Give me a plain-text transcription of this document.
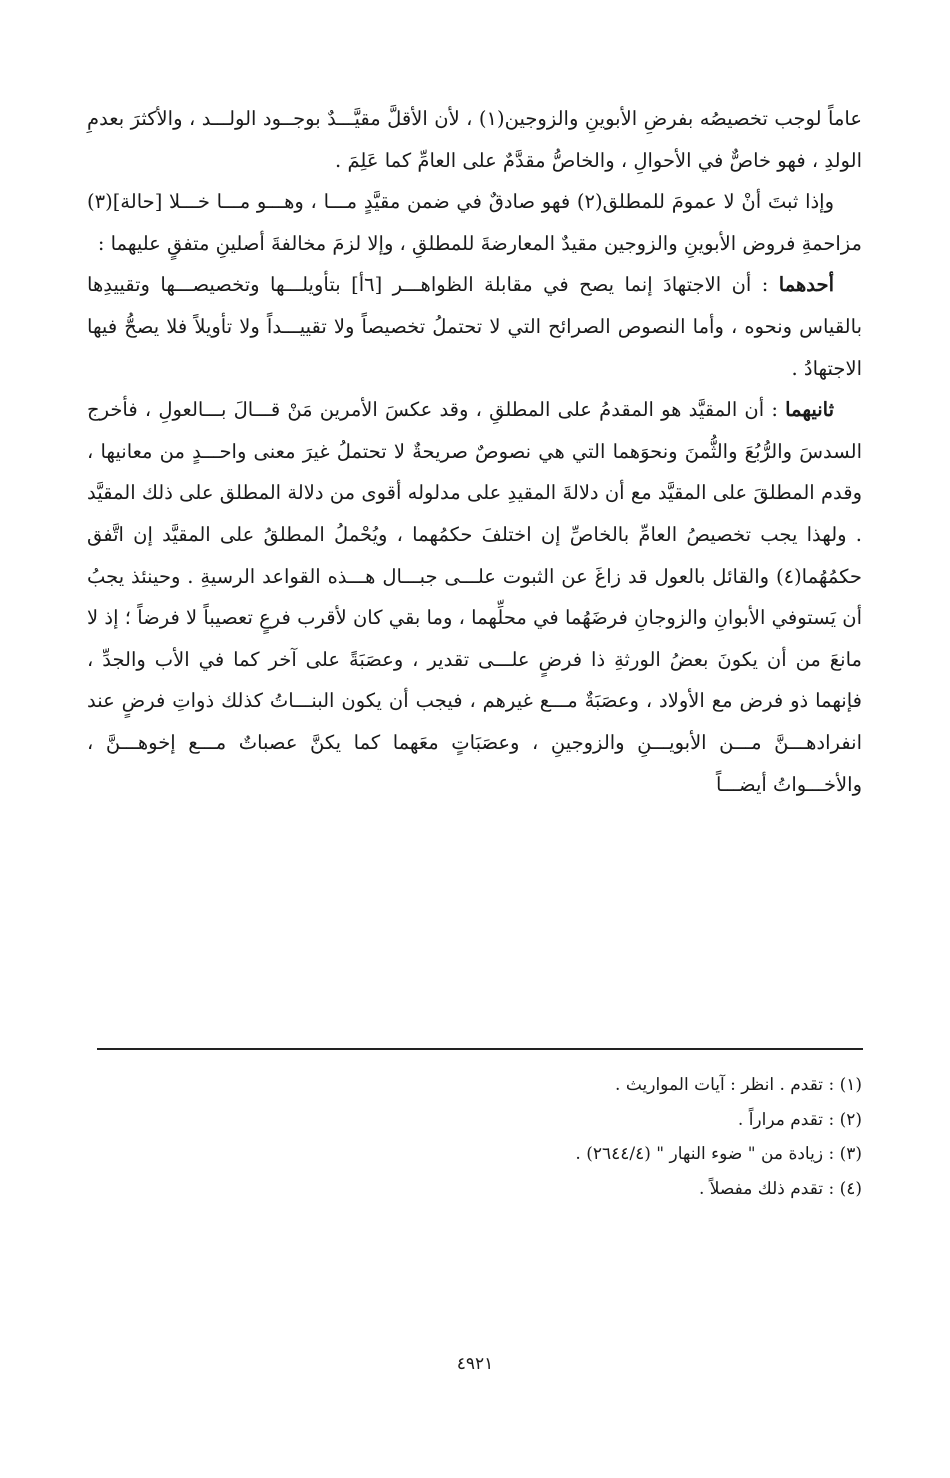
عاماً لوجب تخصيصُه بفرضِ الأبوينِ والزوجين(١) ، لأن الأقلَّ مقيَّـــدٌ بوجــود الولـــد ، والأكثرَ بعدمِ الولدِ ، فهو خاصٌّ في الأحوالِ ، والخاصُّ مقدَّمٌ على العامِّ كما عَلِمَ .

وإذا ثبتَ أنْ لا عمومَ للمطلق(٢) فهو صادقٌ في ضمن مقيَّدٍ مـــا ، وهـــو مـــا خـــلا [حالة](٣) مزاحمةِ فروض الأبوينِ والزوجين مقيدٌ المعارضةَ للمطلقِ ، وإلا لزمَ مخالفةَ أصلينِ متفقٍ عليهما :

أحدهما : أن الاجتهادَ إنما يصح في مقابلة الظواهـــر [٦أ] بتأويلـــها وتخصيصـــها وتقييدِها بالقياس ونحوه ، وأما النصوص الصرائح التي لا تحتملُ تخصيصاً ولا تقييـــداً ولا تأويلاً فلا يصحُّ فيها الاجتهادُ .

ثانيهما : أن المقيَّد هو المقدمُ على المطلقِ ، وقد عكسَ الأمرين مَنْ قـــالَ بـــالعولِ ، فأخرج السدسَ والرُّبُعَ والثُّمنَ ونحوَهما التي هي نصوصٌ صريحةٌ لا تحتملُ غيرَ معنى واحـــدٍ من معانيها ، وقدم المطلقَ على المقيَّد مع أن دلالةَ المقيدِ على مدلوله أقوى من دلالة المطلق على ذلك المقيَّد . ولهذا يجب تخصيصُ العامِّ بالخاصِّ إن اختلفَ حكمُهما ، ويُحْملُ المطلقُ على المقيَّد إن اتَّفق حكمُهُما(٤) والقائل بالعول قد زاغَ عن الثبوت علـــى جبـــال هـــذه القواعد الرسيةِ . وحينئذ يجبُ أن يَستوفي الأبوانِ والزوجانِ فرضَهُما في محلِّهما ، وما بقي كان لأقرب فرعٍ تعصيباً لا فرضاً ؛ إذ لا مانعَ من أن يكونَ بعضُ الورثةِ ذا فرضٍ علـــى تقدير ، وعصَبَةً على آخر كما في الأب والجدِّ ، فإنهما ذو فرض مع الأولاد ، وعصَبَةٌ مـــع غيرهم ، فيجب أن يكون البنـــاتُ كذلك ذواتِ فرضٍ عند انفرادهـــنَّ مـــن الأبويـــنِ والزوجينِ ، وعصَبَاتٍ معَهما كما يكنَّ عصباتٌ مـــع إخوهـــنَّ ، والأخـــواتُ أيضـــاً

(١) : تقدم . انظر : آيات المواريث .
(٢) : تقدم مراراً .
(٣) : زيادة من " ضوء النهار " (٢٦٤٤/٤) .
(٤) : تقدم ذلك مفصلاً .
٤٩٢١
